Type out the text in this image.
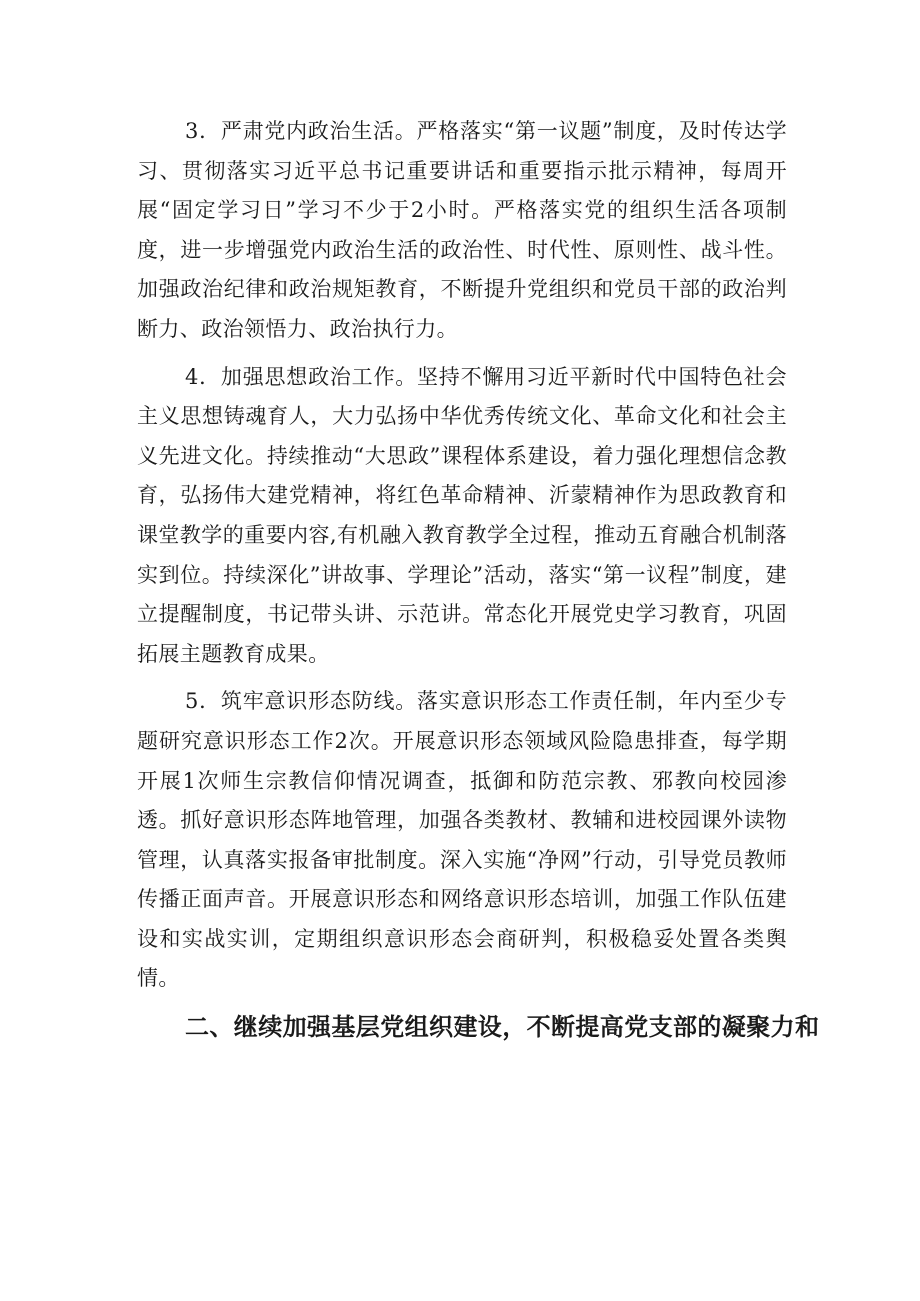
3．严肃党内政治生活。严格落实“第一议题”制度，及时传达学习、贯彻落实习近平总书记重要讲话和重要指示批示精神，每周开展“固定学习日”学习不少于2小时。严格落实党的组织生活各项制度，进一步增强党内政治生活的政治性、时代性、原则性、战斗性。加强政治纪律和政治规矩教育，不断提升党组织和党员干部的政治判断力、政治领悟力、政治执行力。

4．加强思想政治工作。坚持不懈用习近平新时代中国特色社会主义思想铸魂育人，大力弘扬中华优秀传统文化、革命文化和社会主义先进文化。持续推动“大思政”课程体系建设，着力强化理想信念教育，弘扬伟大建党精神，将红色革命精神、沂蒙精神作为思政教育和课堂教学的重要内容,有机融入教育教学全过程，推动五育融合机制落实到位。持续深化”讲故事、学理论”活动，落实“第一议程”制度，建立提醒制度，书记带头讲、示范讲。常态化开展党史学习教育，巩固拓展主题教育成果。

5．筑牢意识形态防线。落实意识形态工作责任制，年内至少专题研究意识形态工作2次。开展意识形态领域风险隐患排查，每学期开展1次师生宗教信仰情况调查，抵御和防范宗教、邪教向校园渗透。抓好意识形态阵地管理，加强各类教材、教辅和进校园课外读物管理，认真落实报备审批制度。深入实施“净网”行动，引导党员教师传播正面声音。开展意识形态和网络意识形态培训，加强工作队伍建设和实战实训，定期组织意识形态会商研判，积极稳妥处置各类舆情。

二、继续加强基层党组织建设，不断提高党支部的凝聚力和
